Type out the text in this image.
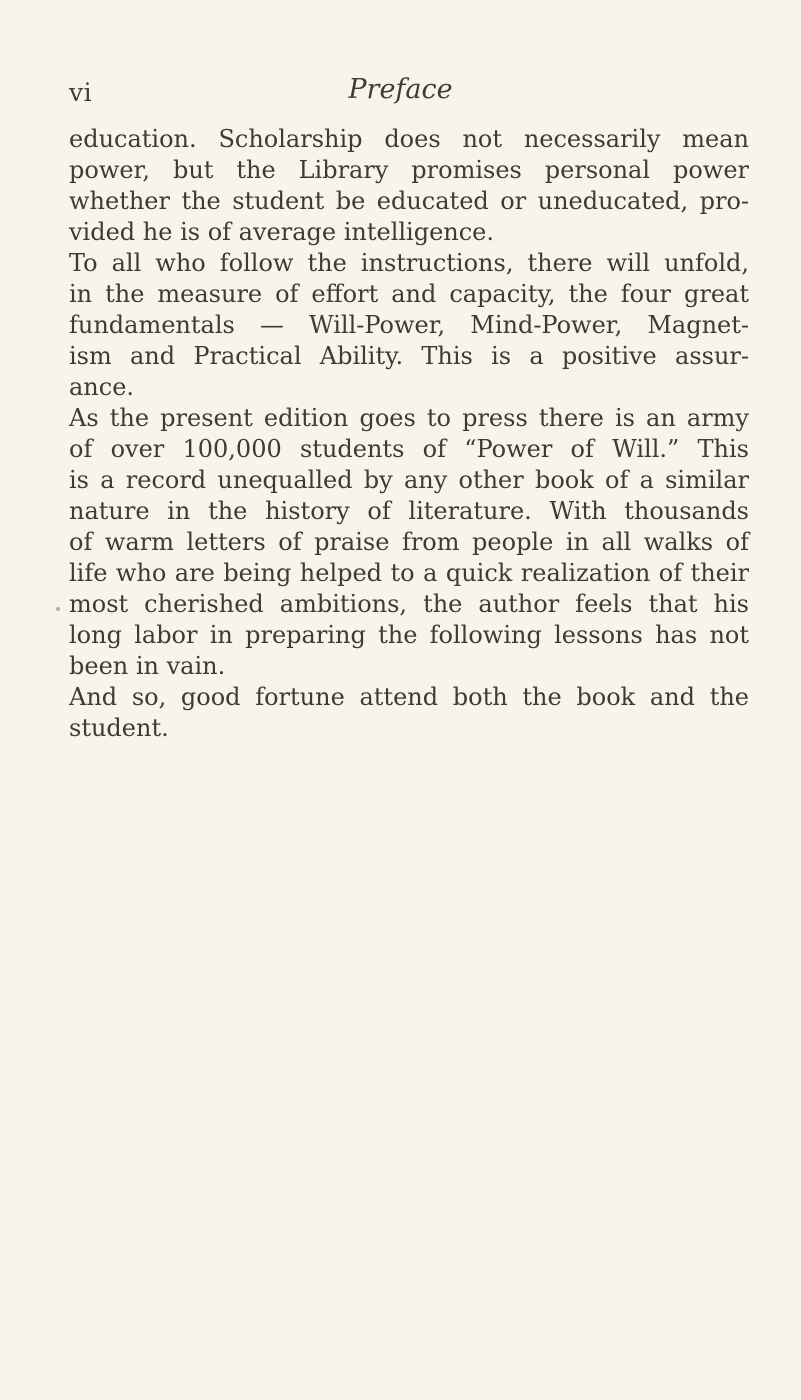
vi	Preface
education. Scholarship does not necessarily mean
power, but the Library promises personal power
whether the student be educated or uneducated, pro-
vided he is of average intelligence.
To all who follow the instructions, there will unfold,
in the measure of effort and capacity, the four great
fundamentals — Will-Power, Mind-Power, Magnet-
ism and Practical Ability. This is a positive assur-
ance.
As the present edition goes to press there is an army
of over 100,000 students of “Power of Will.” This
is a record unequalled by any other book of a similar
nature in the history of literature. With thousands
of warm letters of praise from people in all walks of
life who are being helped to a quick realization of their
most cherished ambitions, the author feels that his
long labor in preparing the following lessons has not
been in vain.
And so, good fortune attend both the book and the
student.
